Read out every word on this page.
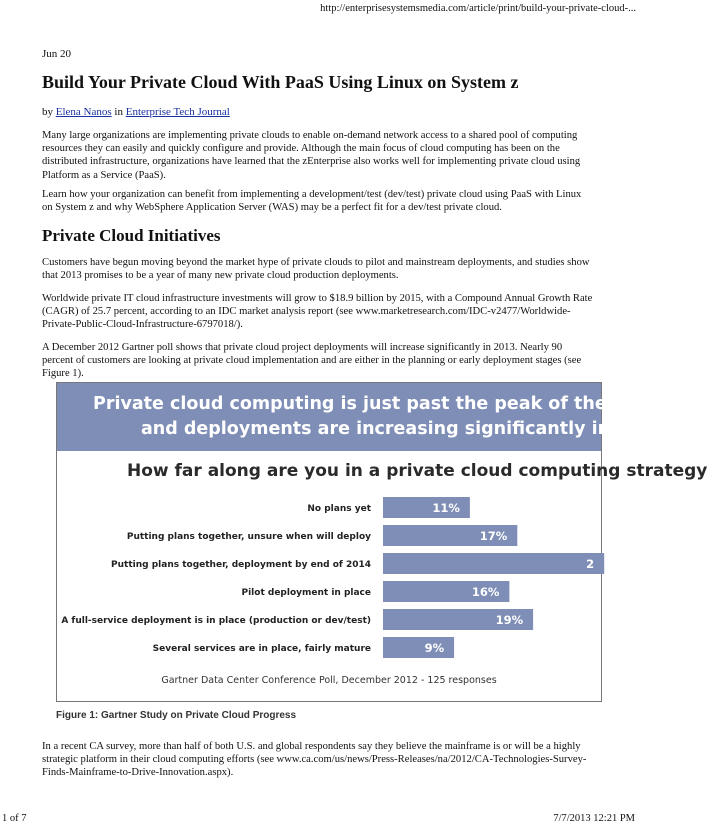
http://enterprisesystemsmedia.com/article/print/build-your-private-cloud-...
Jun 20
Build Your Private Cloud With PaaS Using Linux on System z
by Elena Nanos in Enterprise Tech Journal

Many large organizations are implementing private clouds to enable on-demand network access to a shared pool of computing resources they can easily and quickly configure and provide. Although the main focus of cloud computing has been on the distributed infrastructure, organizations have learned that the zEnterprise also works well for implementing private cloud using Platform as a Service (PaaS).

Learn how your organization can benefit from implementing a development/test (dev/test) private cloud using PaaS with Linux on System z and why WebSphere Application Server (WAS) may be a perfect fit for a dev/test private cloud.

Private Cloud Initiatives

Customers have begun moving beyond the market hype of private clouds to pilot and mainstream deployments, and studies show that 2013 promises to be a year of many new private cloud production deployments.

Worldwide private IT cloud infrastructure investments will grow to $18.9 billion by 2015, with a Compound Annual Growth Rate (CAGR) of 25.7 percent, according to an IDC market analysis report (see www.marketresearch.com/IDC-v2477/Worldwide-Private-Public-Cloud-Infrastructure-6797018/).

A December 2012 Gartner poll shows that private cloud project deployments will increase significantly in 2013. Nearly 90 percent of customers are looking at private cloud implementation and are either in the planning or early deployment stages (see Figure 1).

Private cloud computing is just past the peak of the hype c
and deployments are increasing significantly in 2013
How far along are you in a private cloud computing strategy
No plans yet	11%
Putting plans together, unsure when will deploy	17%
Putting plans together, deployment by end of 2014	2
Pilot deployment in place	16%
A full-service deployment is in place (production or dev/test)	19%
Several services are in place, fairly mature	9%
Gartner Data Center Conference Poll, December 2012 - 125 responses
Figure 1: Gartner Study on Private Cloud Progress

In a recent CA survey, more than half of both U.S. and global respondents say they believe the mainframe is or will be a highly strategic platform in their cloud computing efforts (see www.ca.com/us/news/Press-Releases/na/2012/CA-Technologies-Survey-Finds-Mainframe-to-Drive-Innovation.aspx).

1 of 7	7/7/2013 12:21 PM
